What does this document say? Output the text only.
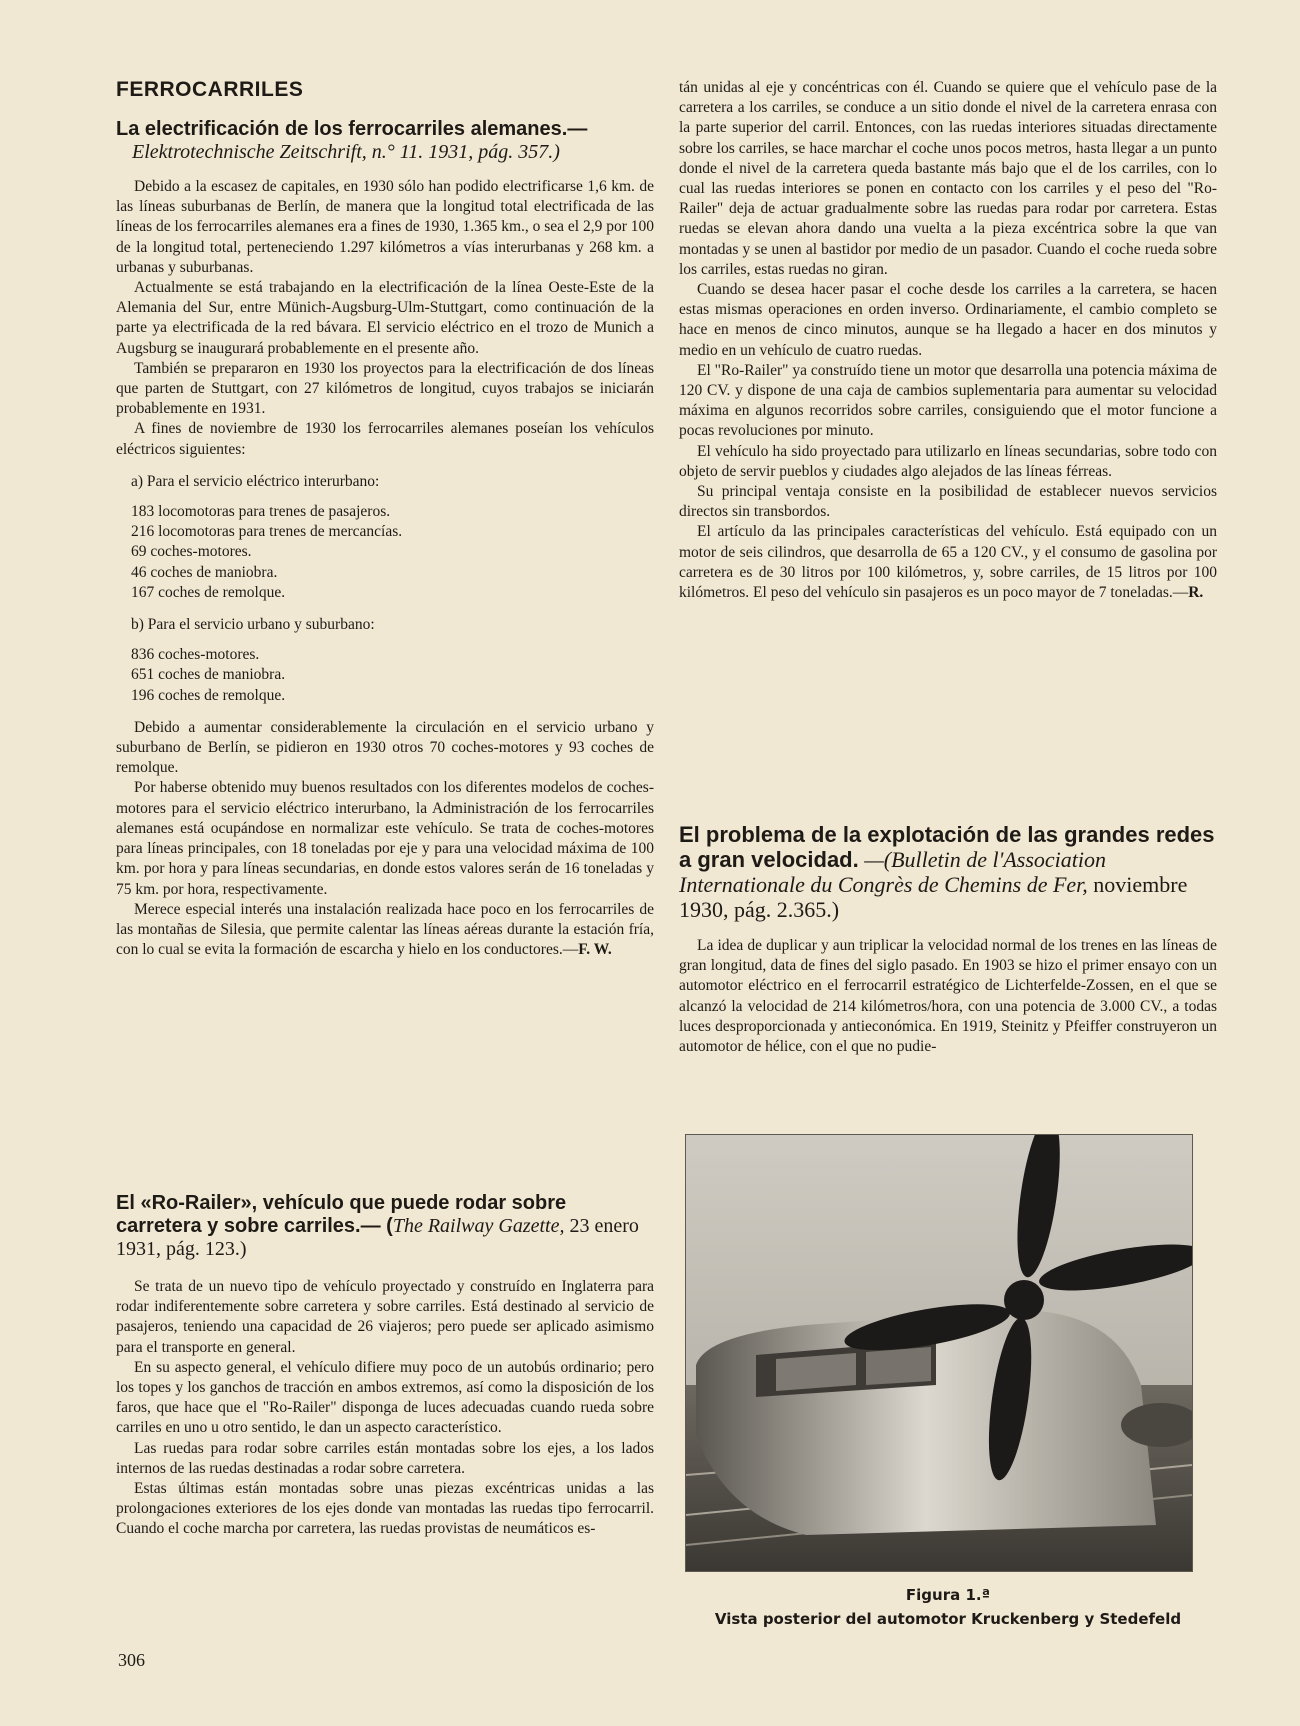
FERROCARRILES
La electrificación de los ferrocarriles alemanes.—
Elektrotechnische Zeitschrift, n.° 11. 1931, pág. 357.)

Debido a la escasez de capitales, en 1930 sólo han podido electrificarse 1,6 km. de las líneas suburbanas de Berlín, de manera que la longitud total electrificada de las líneas de los ferrocarriles alemanes era a fines de 1930, 1.365 km., o sea el 2,9 por 100 de la longitud total, perteneciendo 1.297 kilómetros a vías interurbanas y 268 km. a urbanas y suburbanas.

Actualmente se está trabajando en la electrificación de la línea Oeste-Este de la Alemania del Sur, entre Münich-Augsburg-Ulm-Stuttgart, como continuación de la parte ya electrificada de la red bávara. El servicio eléctrico en el trozo de Munich a Augsburg se inaugurará probablemente en el presente año.

También se prepararon en 1930 los proyectos para la electrificación de dos líneas que parten de Stuttgart, con 27 kilómetros de longitud, cuyos trabajos se iniciarán probablemente en 1931.

A fines de noviembre de 1930 los ferrocarriles alemanes poseían los vehículos eléctricos siguientes:

a) Para el servicio eléctrico interurbano:
183 locomotoras para trenes de pasajeros.
216 locomotoras para trenes de mercancías.
69 coches-motores.
46 coches de maniobra.
167 coches de remolque.
b) Para el servicio urbano y suburbano:
836 coches-motores.
651 coches de maniobra.
196 coches de remolque.

Debido a aumentar considerablemente la circulación en el servicio urbano y suburbano de Berlín, se pidieron en 1930 otros 70 coches-motores y 93 coches de remolque.

Por haberse obtenido muy buenos resultados con los diferentes modelos de coches-motores para el servicio eléctrico interurbano, la Administración de los ferrocarriles alemanes está ocupándose en normalizar este vehículo. Se trata de coches-motores para líneas principales, con 18 toneladas por eje y para una velocidad máxima de 100 km. por hora y para líneas secundarias, en donde estos valores serán de 16 toneladas y 75 km. por hora, respectivamente.

Merece especial interés una instalación realizada hace poco en los ferrocarriles de las montañas de Silesia, que permite calentar las líneas aéreas durante la estación fría, con lo cual se evita la formación de escarcha y hielo en los conductores.—F. W.

El «Ro-Railer», vehículo que puede rodar sobre carretera y sobre carriles.— (The Railway Gazette, 23 enero 1931, pág. 123.)

Se trata de un nuevo tipo de vehículo proyectado y construído en Inglaterra para rodar indiferentemente sobre carretera y sobre carriles. Está destinado al servicio de pasajeros, teniendo una capacidad de 26 viajeros; pero puede ser aplicado asimismo para el transporte en general.

En su aspecto general, el vehículo difiere muy poco de un autobús ordinario; pero los topes y los ganchos de tracción en ambos extremos, así como la disposición de los faros, que hace que el "Ro-Railer" disponga de luces adecuadas cuando rueda sobre carriles en uno u otro sentido, le dan un aspecto característico.

Las ruedas para rodar sobre carriles están montadas sobre los ejes, a los lados internos de las ruedas destinadas a rodar sobre carretera.

Estas últimas están montadas sobre unas piezas excéntricas unidas a las prolongaciones exteriores de los ejes donde van montadas las ruedas tipo ferrocarril. Cuando el coche marcha por carretera, las ruedas provistas de neumáticos es-

tán unidas al eje y concéntricas con él. Cuando se quiere que el vehículo pase de la carretera a los carriles, se conduce a un sitio donde el nivel de la carretera enrasa con la parte superior del carril. Entonces, con las ruedas interiores situadas directamente sobre los carriles, se hace marchar el coche unos pocos metros, hasta llegar a un punto donde el nivel de la carretera queda bastante más bajo que el de los carriles, con lo cual las ruedas interiores se ponen en contacto con los carriles y el peso del "Ro-Railer" deja de actuar gradualmente sobre las ruedas para rodar por carretera. Estas ruedas se elevan ahora dando una vuelta a la pieza excéntrica sobre la que van montadas y se unen al bastidor por medio de un pasador. Cuando el coche rueda sobre los carriles, estas ruedas no giran.

Cuando se desea hacer pasar el coche desde los carriles a la carretera, se hacen estas mismas operaciones en orden inverso. Ordinariamente, el cambio completo se hace en menos de cinco minutos, aunque se ha llegado a hacer en dos minutos y medio en un vehículo de cuatro ruedas.

El "Ro-Railer" ya construído tiene un motor que desarrolla una potencia máxima de 120 CV. y dispone de una caja de cambios suplementaria para aumentar su velocidad máxima en algunos recorridos sobre carriles, consiguiendo que el motor funcione a pocas revoluciones por minuto.

El vehículo ha sido proyectado para utilizarlo en líneas secundarias, sobre todo con objeto de servir pueblos y ciudades algo alejados de las líneas férreas.

Su principal ventaja consiste en la posibilidad de establecer nuevos servicios directos sin transbordos.

El artículo da las principales características del vehículo. Está equipado con un motor de seis cilindros, que desarrolla de 65 a 120 CV., y el consumo de gasolina por carretera es de 30 litros por 100 kilómetros, y, sobre carriles, de 15 litros por 100 kilómetros. El peso del vehículo sin pasajeros es un poco mayor de 7 toneladas.—R.

El problema de la explotación de las grandes redes a gran velocidad. —(Bulletin de l'Association Internationale du Congrès de Chemins de Fer, noviembre 1930, pág. 2.365.)

La idea de duplicar y aun triplicar la velocidad normal de los trenes en las líneas de gran longitud, data de fines del siglo pasado. En 1903 se hizo el primer ensayo con un automotor eléctrico en el ferrocarril estratégico de Lichterfelde-Zossen, en el que se alcanzó la velocidad de 214 kilómetros/hora, con una potencia de 3.000 CV., a todas luces desproporcionada y antieconómica. En 1919, Steinitz y Pfeiffer construyeron un automotor de hélice, con el que no pudie-

Figura 1.ª
Vista posterior del automotor Kruckenberg y Stedefeld
306
